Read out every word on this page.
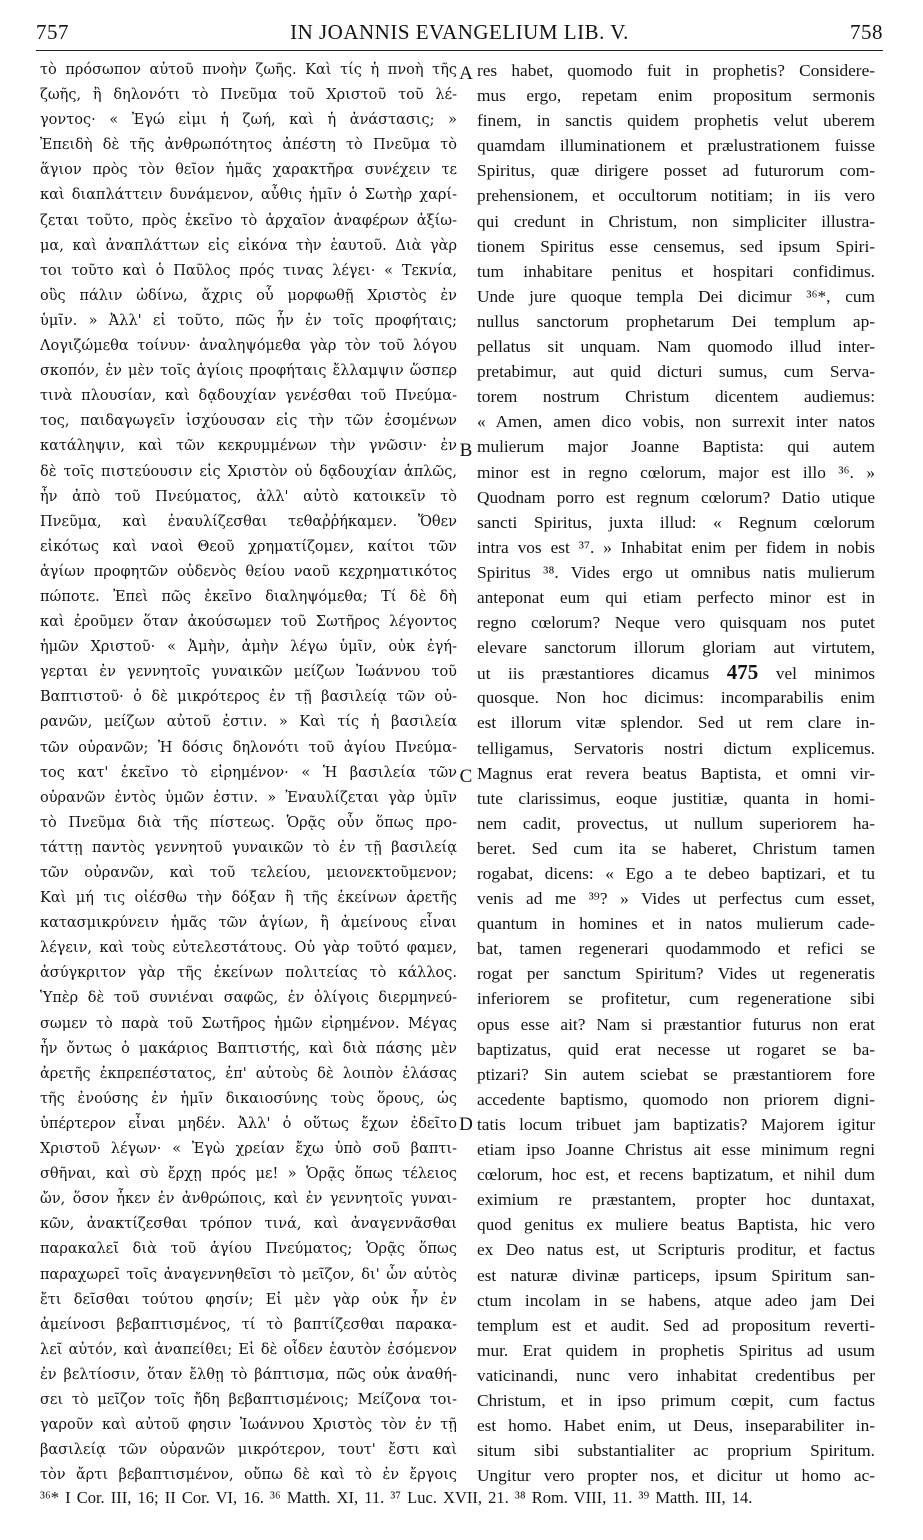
757	IN JOANNIS EVANGELIUM LIB. V.	758
τὸ πρόσωπον αὐτοῦ πνοὴν ζωῆς. Καὶ τίς ἡ πνοὴ τῆς
ζωῆς, ἢ δηλονότι τὸ Πνεῦμα τοῦ Χριστοῦ τοῦ λέ-
γοντος· « Ἐγώ εἰμι ἡ ζωή, καὶ ἡ ἀνάστασις; »
Ἐπειδὴ δὲ τῆς ἀνθρωπότητος ἀπέστη τὸ Πνεῦμα τὸ
ἅγιον πρὸς τὸν θεῖον ἡμᾶς χαρακτῆρα συνέχειν τε
καὶ διαπλάττειν δυνάμενον, αὖθις ἡμῖν ὁ Σωτὴρ χαρί-
ζεται τοῦτο, πρὸς ἐκεῖνο τὸ ἀρχαῖον ἀναφέρων ἀξίω-
μα, καὶ ἀναπλάττων εἰς εἰκόνα τὴν ἑαυτοῦ. Διὰ γὰρ
τοι τοῦτο καὶ ὁ Παῦλος πρός τινας λέγει· « Τεκνία,
οὓς πάλιν ὠδίνω, ἄχρις οὗ μορφωθῇ Χριστὸς ἐν
ὑμῖν. » Ἀλλ' εἰ τοῦτο, πῶς ἦν ἐν τοῖς προφήταις;
Λογιζώμεθα τοίνυν· ἀναληψόμεθα γὰρ τὸν τοῦ λόγου
σκοπόν, ἐν μὲν τοῖς ἁγίοις προφήταις ἔλλαμψιν ὥσπερ
τινὰ πλουσίαν, καὶ δᾳδουχίαν γενέσθαι τοῦ Πνεύμα-
τος, παιδαγωγεῖν ἰσχύουσαν εἰς τὴν τῶν ἐσομένων
κατάληψιν, καὶ τῶν κεκρυμμένων τὴν γνῶσιν· ἐν
δὲ τοῖς πιστεύουσιν εἰς Χριστὸν οὐ δᾳδουχίαν ἁπλῶς,
ἦν ἀπὸ τοῦ Πνεύματος, ἀλλ' αὐτὸ κατοικεῖν τὸ
Πνεῦμα, καὶ ἐναυλίζεσθαι τεθαῤῥήκαμεν. Ὅθεν
εἰκότως καὶ ναοὶ Θεοῦ χρηματίζομεν, καίτοι τῶν
ἁγίων προφητῶν οὐδενὸς θείου ναοῦ κεχρηματικότος
πώποτε. Ἐπεὶ πῶς ἐκεῖνο διαληψόμεθα; Τί δὲ δὴ
καὶ ἐροῦμεν ὅταν ἀκούσωμεν τοῦ Σωτῆρος λέγοντος
ἡμῶν Χριστοῦ· « Ἀμὴν, ἀμὴν λέγω ὑμῖν, οὐκ ἐγή-
γερται ἐν γεννητοῖς γυναικῶν μείζων Ἰωάννου τοῦ
Βαπτιστοῦ· ὁ δὲ μικρότερος ἐν τῇ βασιλείᾳ τῶν οὐ-
ρανῶν, μείζων αὐτοῦ ἐστιν. » Καὶ τίς ἡ βασιλεία
τῶν οὐρανῶν; Ἡ δόσις δηλονότι τοῦ ἁγίου Πνεύμα-
τος κατ' ἐκεῖνο τὸ εἰρημένον· « Ἡ βασιλεία τῶν
οὐρανῶν ἐντὸς ὑμῶν ἐστιν. » Ἐναυλίζεται γὰρ ὑμῖν
τὸ Πνεῦμα διὰ τῆς πίστεως. Ὁρᾷς οὖν ὅπως προ-
τάττῃ παντὸς γεννητοῦ γυναικῶν τὸ ἐν τῇ βασιλείᾳ
τῶν οὐρανῶν, καὶ τοῦ τελείου, μειονεκτοῦμενον;
Καὶ μή τις οἰέσθω τὴν δόξαν ἢ τῆς ἐκείνων ἀρετῆς
κατασμικρύνειν ἡμᾶς τῶν ἁγίων, ἢ ἀμείνους εἶναι
λέγειν, καὶ τοὺς εὐτελεστάτους. Οὐ γὰρ τοῦτό φαμεν,
ἀσύγκριτον γὰρ τῆς ἐκείνων πολιτείας τὸ κάλλος.
Ὑπὲρ δὲ τοῦ συνιέναι σαφῶς, ἐν ὀλίγοις διερμηνεύ-
σωμεν τὸ παρὰ τοῦ Σωτῆρος ἡμῶν εἰρημένον. Μέγας
ἦν ὄντως ὁ μακάριος Βαπτιστής, καὶ διὰ πάσης μὲν
ἀρετῆς ἐκπρεπέστατος, ἐπ' αὐτοὺς δὲ λοιπὸν ἐλάσας
τῆς ἐνούσης ἐν ἡμῖν δικαιοσύνης τοὺς ὅρους, ὡς
ὑπέρτερον εἶναι μηδέν. Ἀλλ' ὁ οὕτως ἔχων ἐδεῖτο
Χριστοῦ λέγων· « Ἐγὼ χρείαν ἔχω ὑπὸ σοῦ βαπτι-
σθῆναι, καὶ σὺ ἔρχῃ πρός με! » Ὁρᾷς ὅπως τέλειος
ὤν, ὅσον ἧκεν ἐν ἀνθρώποις, καὶ ἐν γεννητοῖς γυναι-
κῶν, ἀνακτίζεσθαι τρόπον τινά, καὶ ἀναγεννᾶσθαι
παρακαλεῖ διὰ τοῦ ἁγίου Πνεύματος; Ὁρᾷς ὅπως
παραχωρεῖ τοῖς ἀναγεννηθεῖσι τὸ μεῖζον, δι' ὧν αὐτὸς
ἔτι δεῖσθαι τούτου φησίν; Εἰ μὲν γὰρ οὐκ ἦν ἐν
ἀμείνοσι βεβαπτισμένος, τί τὸ βαπτίζεσθαι παρακα-
λεῖ αὐτόν, καὶ ἀναπείθει; Εἰ δὲ οἶδεν ἑαυτὸν ἐσόμενον
ἐν βελτίοσιν, ὅταν ἔλθῃ τὸ βάπτισμα, πῶς οὐκ ἀναθή-
σει τὸ μεῖζον τοῖς ἤδη βεβαπτισμένοις; Μείζονα τοι-
γαροῦν καὶ αὐτοῦ φησιν Ἰωάννου Χριστὸς τὸν ἐν τῇ
βασιλείᾳ τῶν οὐρανῶν μικρότερον, τουτ' ἔστι καὶ
τὸν ἄρτι βεβαπτισμένον, οὔπω δὲ καὶ τὸ ἐν ἔργοις
res habet, quomodo fuit in prophetis? Considere-
mus ergo, repetam enim propositum sermonis
finem, in sanctis quidem prophetis velut uberem
quamdam illuminationem et prælustrationem fuisse
Spiritus, quæ dirigere posset ad futurorum com-
prehensionem, et occultorum notitiam; in iis vero
qui credunt in Christum, non simpliciter illustra-
tionem Spiritus esse censemus, sed ipsum Spiri-
tum inhabitare penitus et hospitari confidimus.
Unde jure quoque templa Dei dicimur ³⁶*, cum
nullus sanctorum prophetarum Dei templum ap-
pellatus sit unquam. Nam quomodo illud inter-
pretabimur, aut quid dicturi sumus, cum Serva-
torem nostrum Christum dicentem audiemus:
« Amen, amen dico vobis, non surrexit inter natos
mulierum major Joanne Baptista: qui autem
minor est in regno cœlorum, major est illo ³⁶. »
Quodnam porro est regnum cœlorum? Datio utique
sancti Spiritus, juxta illud: « Regnum cœlorum
intra vos est ³⁷. » Inhabitat enim per fidem in nobis
Spiritus ³⁸. Vides ergo ut omnibus natis mulierum
anteponat eum qui etiam perfecto minor est in
regno cœlorum? Neque vero quisquam nos putet
elevare sanctorum illorum gloriam aut virtutem,
ut iis præstantiores dicamus 475 vel minimos
quosque. Non hoc dicimus: incomparabilis enim
est illorum vitæ splendor. Sed ut rem clare in-
telligamus, Servatoris nostri dictum explicemus.
Magnus erat revera beatus Baptista, et omni vir-
tute clarissimus, eoque justitiæ, quanta in homi-
nem cadit, provectus, ut nullum superiorem ha-
beret. Sed cum ita se haberet, Christum tamen
rogabat, dicens: « Ego a te debeo baptizari, et tu
venis ad me ³⁹? » Vides ut perfectus cum esset,
quantum in homines et in natos mulierum cade-
bat, tamen regenerari quodammodo et refici se
rogat per sanctum Spiritum? Vides ut regeneratis
inferiorem se profitetur, cum regeneratione sibi
opus esse ait? Nam si præstantior futurus non erat
baptizatus, quid erat necesse ut rogaret se ba-
ptizari? Sin autem sciebat se præstantiorem fore
accedente baptismo, quomodo non priorem digni-
tatis locum tribuet jam baptizatis? Majorem igitur
etiam ipso Joanne Christus ait esse minimum regni
cœlorum, hoc est, et recens baptizatum, et nihil dum
eximium re præstantem, propter hoc duntaxat,
quod genitus ex muliere beatus Baptista, hic vero
ex Deo natus est, ut Scripturis proditur, et factus
est naturæ divinæ particeps, ipsum Spiritum san-
ctum incolam in se habens, atque adeo jam Dei
templum est et audit. Sed ad propositum reverti-
mur. Erat quidem in prophetis Spiritus ad usum
vaticinandi, nunc vero inhabitat credentibus per
Christum, et in ipso primum cœpit, cum factus
est homo. Habet enim, ut Deus, inseparabiliter in-
situm sibi substantialiter ac proprium Spiritum.
Ungitur vero propter nos, et dicitur ut homo ac-
A
B
C
D
³⁶* I Cor. III, 16; II Cor. VI, 16. ³⁶ Matth. XI, 11. ³⁷ Luc. XVII, 21. ³⁸ Rom. VIII, 11. ³⁹ Matth. III, 14.
